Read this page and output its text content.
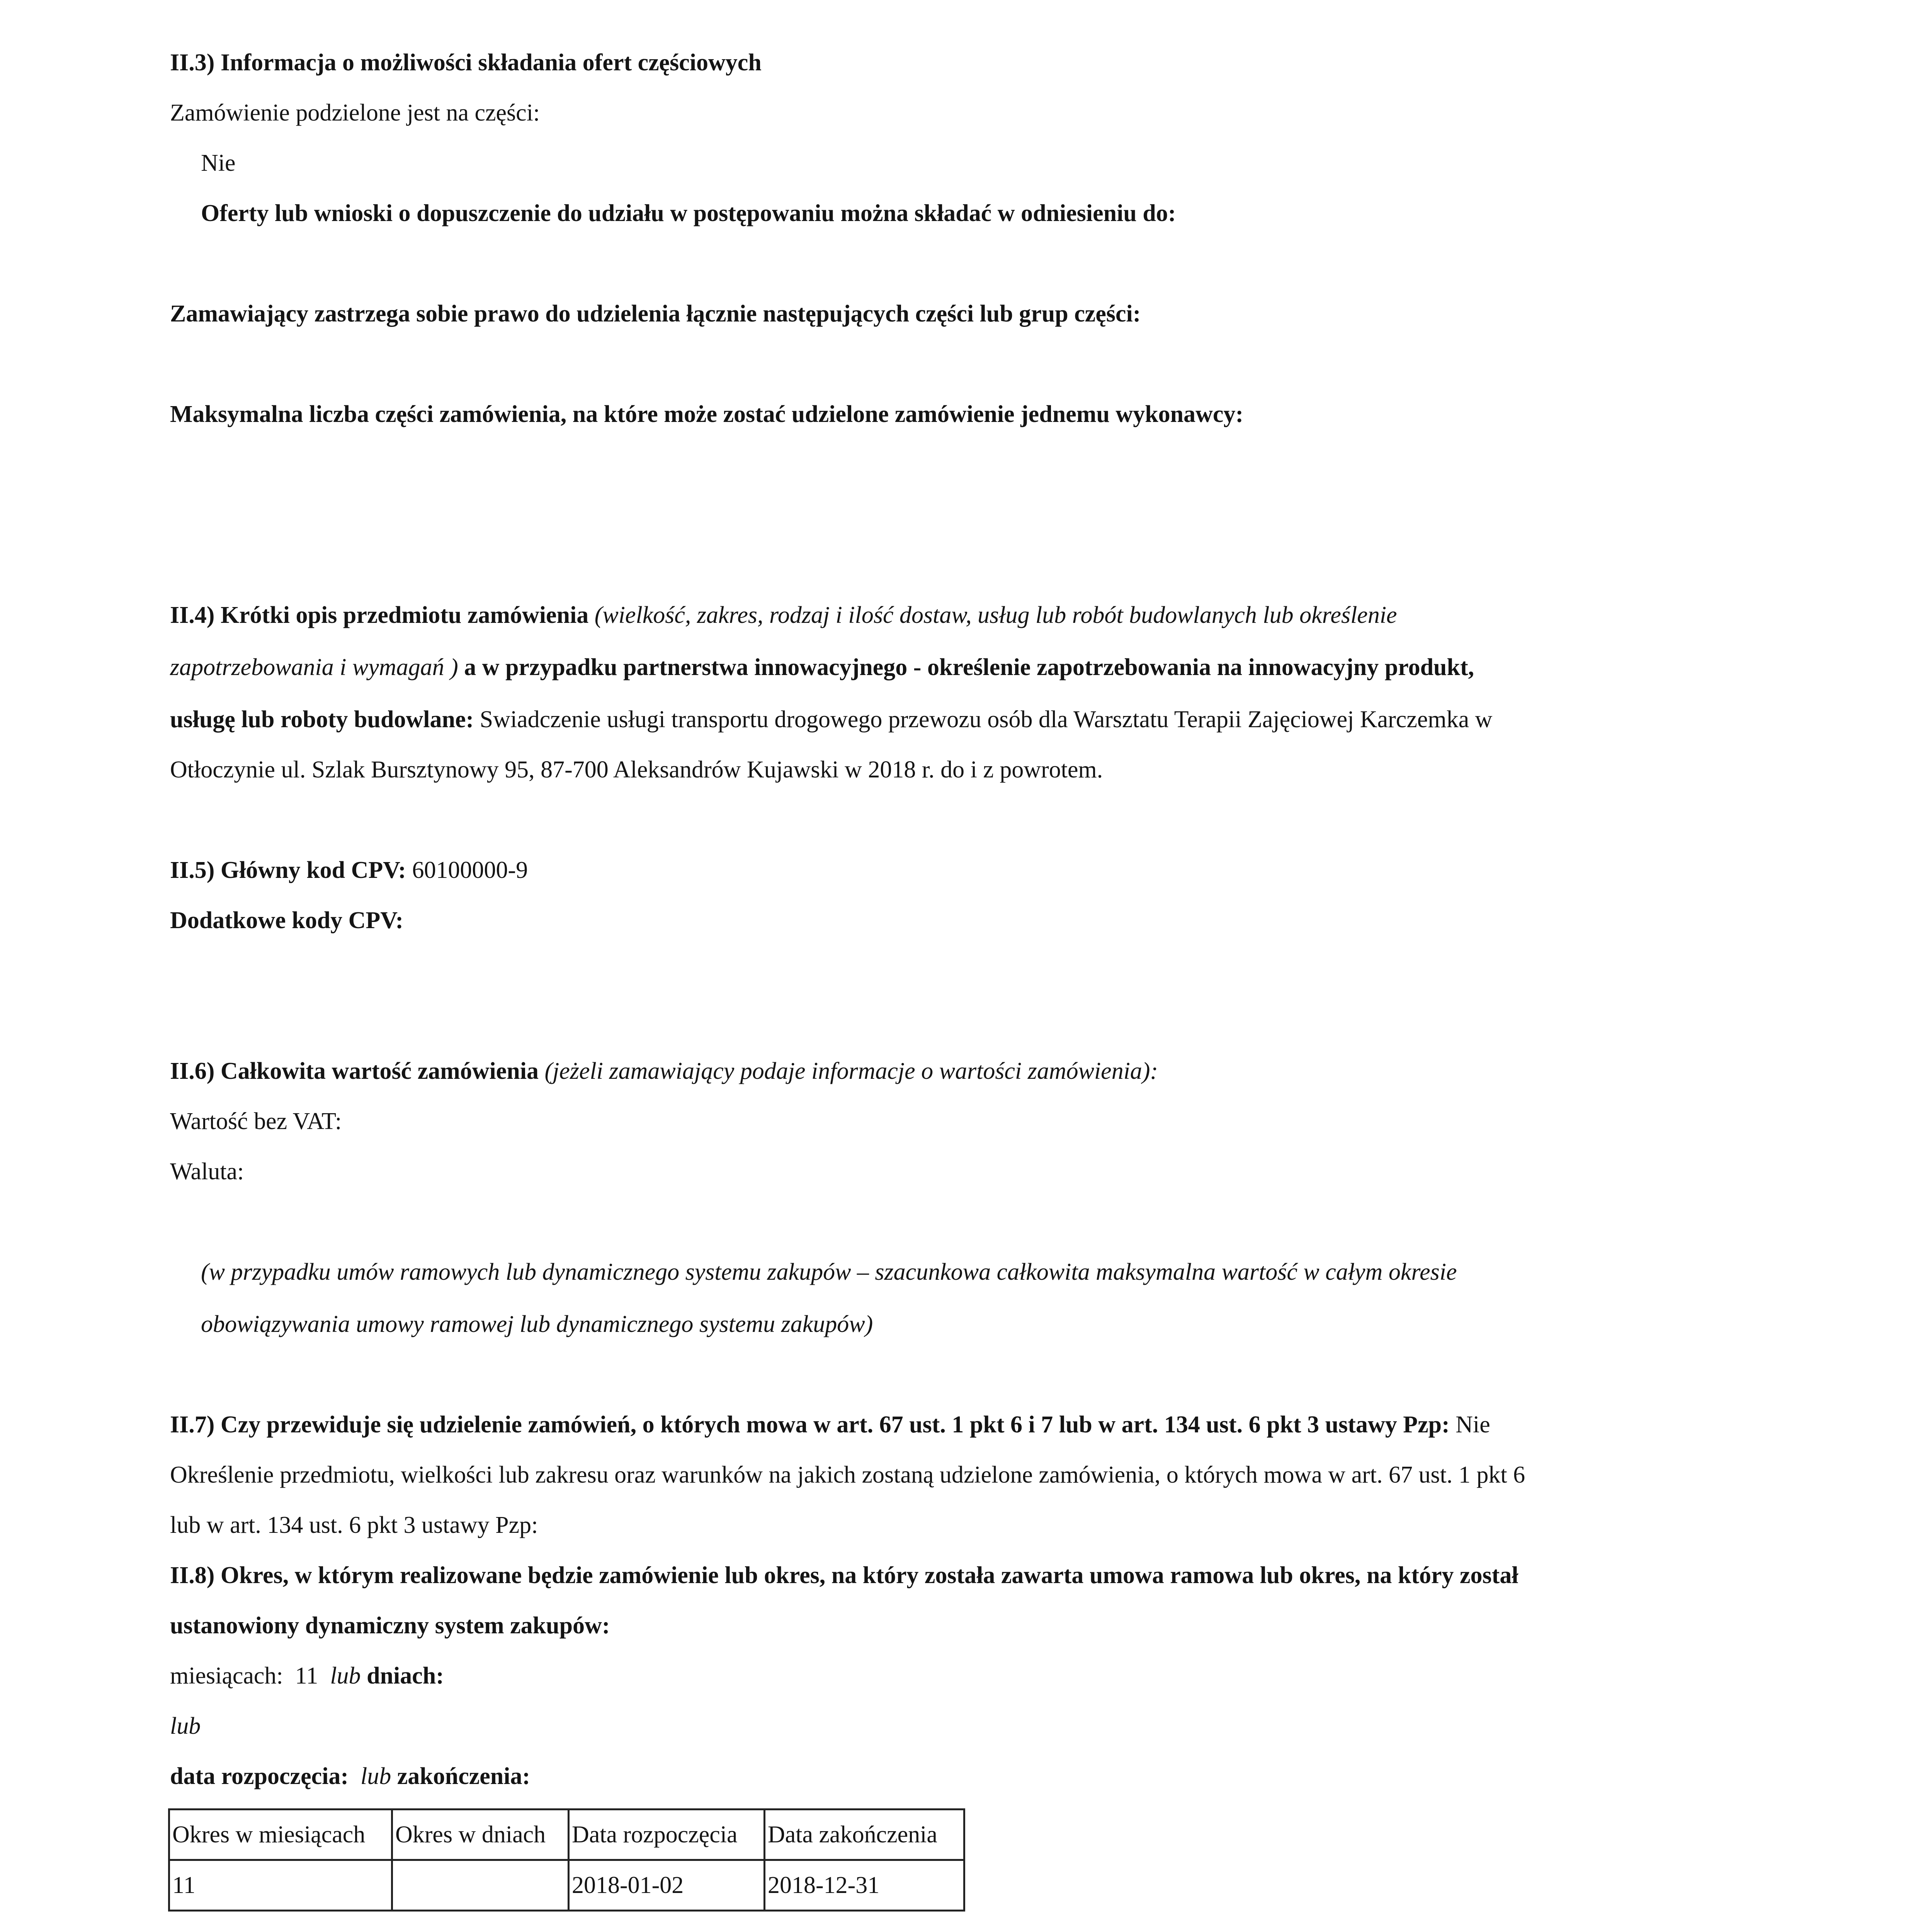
II.3) Informacja o możliwości składania ofert częściowych
Zamówienie podzielone jest na części:
Nie
Oferty lub wnioski o dopuszczenie do udziału w postępowaniu można składać w odniesieniu do:
Zamawiający zastrzega sobie prawo do udzielenia łącznie następujących części lub grup części:
Maksymalna liczba części zamówienia, na które może zostać udzielone zamówienie jednemu wykonawcy:
II.4) Krótki opis przedmiotu zamówienia (wielkość, zakres, rodzaj i ilość dostaw, usług lub robót budowlanych lub określenie
zapotrzebowania i wymagań ) a w przypadku partnerstwa innowacyjnego - określenie zapotrzebowania na innowacyjny produkt,
usługę lub roboty budowlane: Swiadczenie usługi transportu drogowego przewozu osób dla Warsztatu Terapii Zajęciowej Karczemka w
Otłoczynie ul. Szlak Bursztynowy 95, 87-700 Aleksandrów Kujawski w 2018 r. do i z powrotem.
II.5) Główny kod CPV: 60100000-9
Dodatkowe kody CPV:
II.6) Całkowita wartość zamówienia (jeżeli zamawiający podaje informacje o wartości zamówienia):
Wartość bez VAT:
Waluta:
(w przypadku umów ramowych lub dynamicznego systemu zakupów – szacunkowa całkowita maksymalna wartość w całym okresie
obowiązywania umowy ramowej lub dynamicznego systemu zakupów)
II.7) Czy przewiduje się udzielenie zamówień, o których mowa w art. 67 ust. 1 pkt 6 i 7 lub w art. 134 ust. 6 pkt 3 ustawy Pzp: Nie
Określenie przedmiotu, wielkości lub zakresu oraz warunków na jakich zostaną udzielone zamówienia, o których mowa w art. 67 ust. 1 pkt 6
lub w art. 134 ust. 6 pkt 3 ustawy Pzp:
II.8) Okres, w którym realizowane będzie zamówienie lub okres, na który została zawarta umowa ramowa lub okres, na który został
ustanowiony dynamiczny system zakupów:
miesiącach: 11 lub dniach:
lub
data rozpoczęcia: lub zakończenia:
Okres w miesiącach	Okres w dniach	Data rozpoczęcia	Data zakończenia
11		2018-01-02	2018-12-31
